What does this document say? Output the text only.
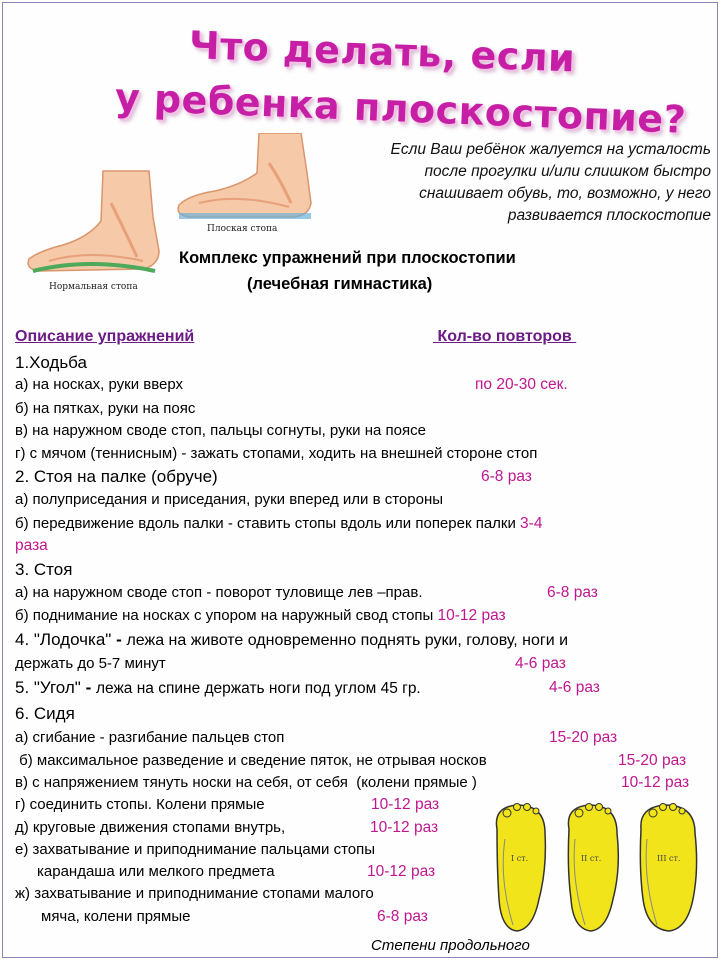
Что делать, если
у ребенка плоскостопие?
Плоская стопа
Нормальная стопа
Если Ваш ребёнок жалуется на усталость
после прогулки и/или слишком быстро
снашивает обувь, то, возможно, у него
развивается плоскостопие
Комплекс упражнений при плоскостопии
(лечебная гимнастика)
Описание упражнений	Кол-во повторов
1.Ходьба
а) на носках, руки вверх	по 20-30 сек.
б) на пятках, руки на пояс
в) на наружном своде стоп, пальцы согнуты, руки на поясе
г) с мячом (теннисным) - зажать стопами, ходить на внешней стороне стоп
2. Стоя на палке (обруче)	6-8 раз
а) полуприседания и приседания, руки вперед или в стороны
б) передвижение вдоль палки - ставить стопы вдоль или поперек палки 3-4
раза
3. Стоя
а) на наружном своде стоп - поворот туловище лев –прав.	6-8 раз
б) поднимание на носках с упором на наружный свод стопы 10-12 раз
4. "Лодочка" - лежа на животе одновременно поднять руки, голову, ноги и
держать до 5-7 минут	4-6 раз
5. "Угол" - лежа на спине держать ноги под углом 45 гр.	4-6 раз
6. Сидя
а) сгибание - разгибание пальцев стоп	15-20 раз
б) максимальное разведение и сведение пяток, не отрывая носков	15-20 раз
в) с напряжением тянуть носки на себя, от себя  (колени прямые )	10-12 раз
г) соединить стопы. Колени прямые	10-12 раз
д) круговые движения стопами внутрь,	10-12 раз
е) захватывание и приподнимание пальцами стопы
карандаша или мелкого предмета	10-12 раз
ж) захватывание и приподнимание стопами малого
мяча, колени прямые	6-8 раз
I ст.	II ст.	III ст.
Степени продольного
